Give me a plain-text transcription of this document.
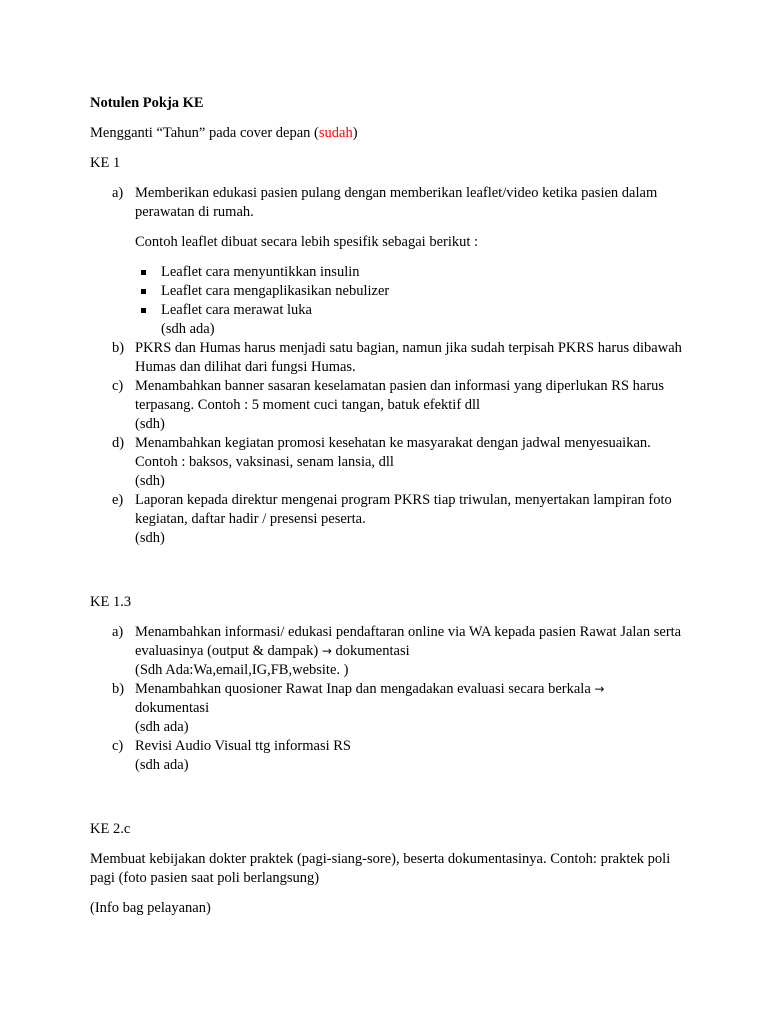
Notulen Pokja KE

Mengganti “Tahun” pada cover depan (sudah)

KE 1

a) Memberikan edukasi pasien pulang dengan memberikan leaflet/video ketika pasien dalam perawatan di rumah.

Contoh leaflet dibuat secara lebih spesifik sebagai berikut :

Leaflet cara menyuntikkan insulin
Leaflet cara mengaplikasikan nebulizer
Leaflet cara merawat luka
(sdh ada)
b) PKRS dan Humas harus menjadi satu bagian, namun jika sudah terpisah PKRS harus dibawah Humas dan dilihat dari fungsi Humas.

c) Menambahkan banner sasaran keselamatan pasien dan informasi yang diperlukan RS harus terpasang. Contoh : 5 moment cuci tangan, batuk efektif dll

(sdh)

d) Menambahkan kegiatan promosi kesehatan ke masyarakat dengan jadwal menyesuaikan.

Contoh : baksos, vaksinasi, senam lansia, dll

(sdh)

e) Laporan kepada direktur mengenai program PKRS tiap triwulan, menyertakan lampiran foto kegiatan, daftar hadir / presensi peserta.

(sdh)

KE 1.3

a) Menambahkan informasi/ edukasi pendaftaran online via WA kepada pasien Rawat Jalan serta evaluasinya (output & dampak) → dokumentasi

(Sdh Ada:Wa,email,IG,FB,website. )

b) Menambahkan quosioner Rawat Inap dan mengadakan evaluasi secara berkala →
dokumentasi

(sdh ada)

c) Revisi Audio Visual ttg informasi RS

(sdh ada)

KE 2.c

Membuat kebijakan dokter praktek (pagi-siang-sore), beserta dokumentasinya. Contoh: praktek poli pagi (foto pasien saat poli berlangsung)

(Info bag pelayanan)
